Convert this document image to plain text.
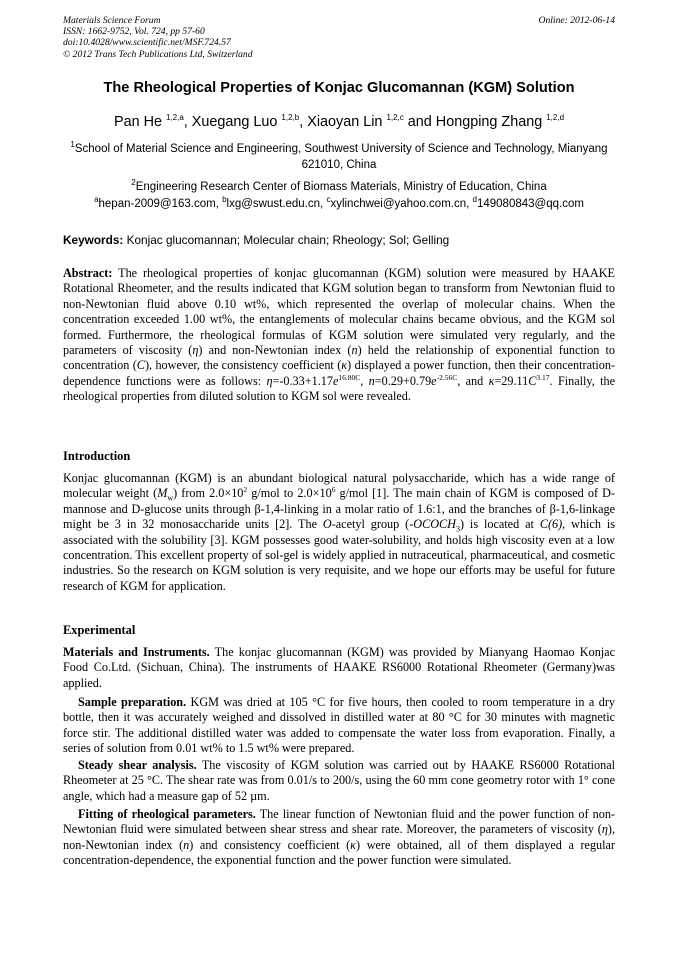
Materials Science Forum
ISSN: 1662-9752, Vol. 724, pp 57-60
doi:10.4028/www.scientific.net/MSF.724.57
© 2012 Trans Tech Publications Ltd, Switzerland
Online: 2012-06-14
The Rheological Properties of Konjac Glucomannan (KGM) Solution
Pan He $^{1,2,a}$, Xuegang Luo $^{1,2,b}$, Xiaoyan Lin $^{1,2,c}$ and Hongping Zhang $^{1,2,d}$
$^1$School of Material Science and Engineering, Southwest University of Science and Technology, Mianyang 621010, China
$^2$Engineering Research Center of Biomass Materials, Ministry of Education, China
$^a$hepan-2009@163.com, $^b$lxg@swust.edu.cn, $^c$xylinchwei@yahoo.com.cn, $^d$149080843@qq.com
Keywords: Konjac glucomannan; Molecular chain; Rheology; Sol; Gelling
Abstract: The rheological properties of konjac glucomannan (KGM) solution were measured by HAAKE Rotational Rheometer, and the results indicated that KGM solution began to transform from Newtonian fluid to non-Newtonian fluid above 0.10 wt%, which represented the overlap of molecular chains. When the concentration exceeded 1.00 wt%, the entanglements of molecular chains became obvious, and the KGM sol formed. Furthermore, the rheological formulas of KGM solution were simulated very regularly, and the parameters of viscosity (η) and non-Newtonian index (n) held the relationship of exponential function to concentration (C), however, the consistency coefficient (κ) displayed a power function, then their concentration-dependence functions were as follows: $\eta=-0.33+1.17e^{16.80C}$, $n=0.29+0.79e^{-2.56C}$, and $\kappa=29.11C^{3.17}$. Finally, the rheological properties from diluted solution to KGM sol were revealed.
Introduction
Konjac glucomannan (KGM) is an abundant biological natural polysaccharide, which has a wide range of molecular weight $(M_w)$ from $2.0\times 10^2$ g/mol to $2.0\times 10^6$ g/mol [1]. The main chain of KGM is composed of D-mannose and D-glucose units through β-1,4-linking in a molar ratio of 1.6:1, and the branches of β-1,6-linkage might be 3 in 32 monosaccharide units [2]. The O-acetyl group $(-OCOCH_3)$ is located at C(6), which is associated with the solubility [3]. KGM possesses good water-solubility, and holds high viscosity even at a low concentration. This excellent property of sol-gel is widely applied in nutraceutical, pharmaceutical, and cosmetic industries. So the research on KGM solution is very requisite, and we hope our efforts may be useful for future research of KGM for application.
Experimental
Materials and Instruments. The konjac glucomannan (KGM) was provided by Mianyang Haomao Konjac Food Co.Ltd. (Sichuan, China). The instruments of HAAKE RS6000 Rotational Rheometer (Germany)was applied.
Sample preparation. KGM was dried at 105 °C for five hours, then cooled to room temperature in a dry bottle, then it was accurately weighed and dissolved in distilled water at 80 °C for 30 minutes with magnetic force stir. The additional distilled water was added to compensate the water loss from evaporation. Finally, a series of solution from 0.01 wt% to 1.5 wt% were prepared.
Steady shear analysis. The viscosity of KGM solution was carried out by HAAKE RS6000 Rotational Rheometer at 25 °C. The shear rate was from 0.01/s to 200/s, using the 60 mm cone geometry rotor with 1° cone angle, which had a measure gap of 52 µm.
Fitting of rheological parameters. The linear function of Newtonian fluid and the power function of non-Newtonian fluid were simulated between shear stress and shear rate. Moreover, the parameters of viscosity (η), non-Newtonian index (n) and consistency coefficient (κ) were obtained, all of them displayed a regular concentration-dependence, the exponential function and the power function were simulated.
